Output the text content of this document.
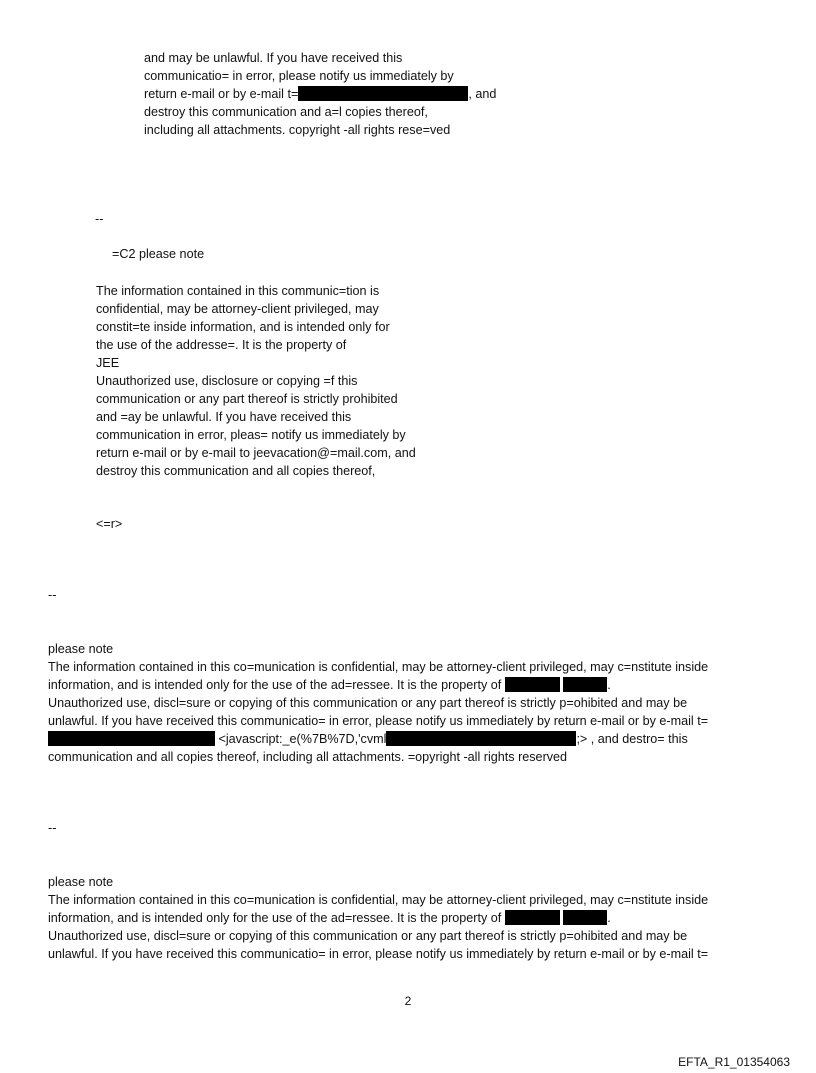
and may be unlawful. If you have received this

communicatio= in error, please notify us immediately by

return e-mail or by e-mail t=	, and

destroy this communication and a=l copies thereof,

including all attachments. copyright -all rights rese=ved

--
=C2 please note

The information contained in this communic=tion is

confidential, may be attorney-client privileged, may

constit=te inside information, and is intended only for

the use of the addresse=. It is the property of

JEE

Unauthorized use, disclosure or copying =f this

communication or any part thereof is strictly prohibited

and =ay be unlawful. If you have received this

communication in error, pleas= notify us immediately by

return e-mail or by e-mail to jeevacation@=mail.com, and

destroy this communication and all copies thereof,

<=r>
--

please note

The information contained in this co=munication is confidential, may be attorney-client privileged, may c=nstitute inside

information, and is intended only for the use of the ad=ressee. It is the property of	.

Unauthorized use, discl=sure or copying of this communication or any part thereof is strictly p=ohibited and may be

unlawful. If you have received this communicatio= in error, please notify us immediately by return e-mail or by e-mail t=

<javascript:_e(%7B%7D,'cvml	;> , and destro= this

communication and all copies thereof, including all attachments. =opyright -all rights reserved

--

please note

The information contained in this co=munication is confidential, may be attorney-client privileged, may c=nstitute inside

information, and is intended only for the use of the ad=ressee. It is the property of	.

Unauthorized use, discl=sure or copying of this communication or any part thereof is strictly p=ohibited and may be

unlawful. If you have received this communicatio= in error, please notify us immediately by return e-mail or by e-mail t=

2
EFTA_R1_01354063
